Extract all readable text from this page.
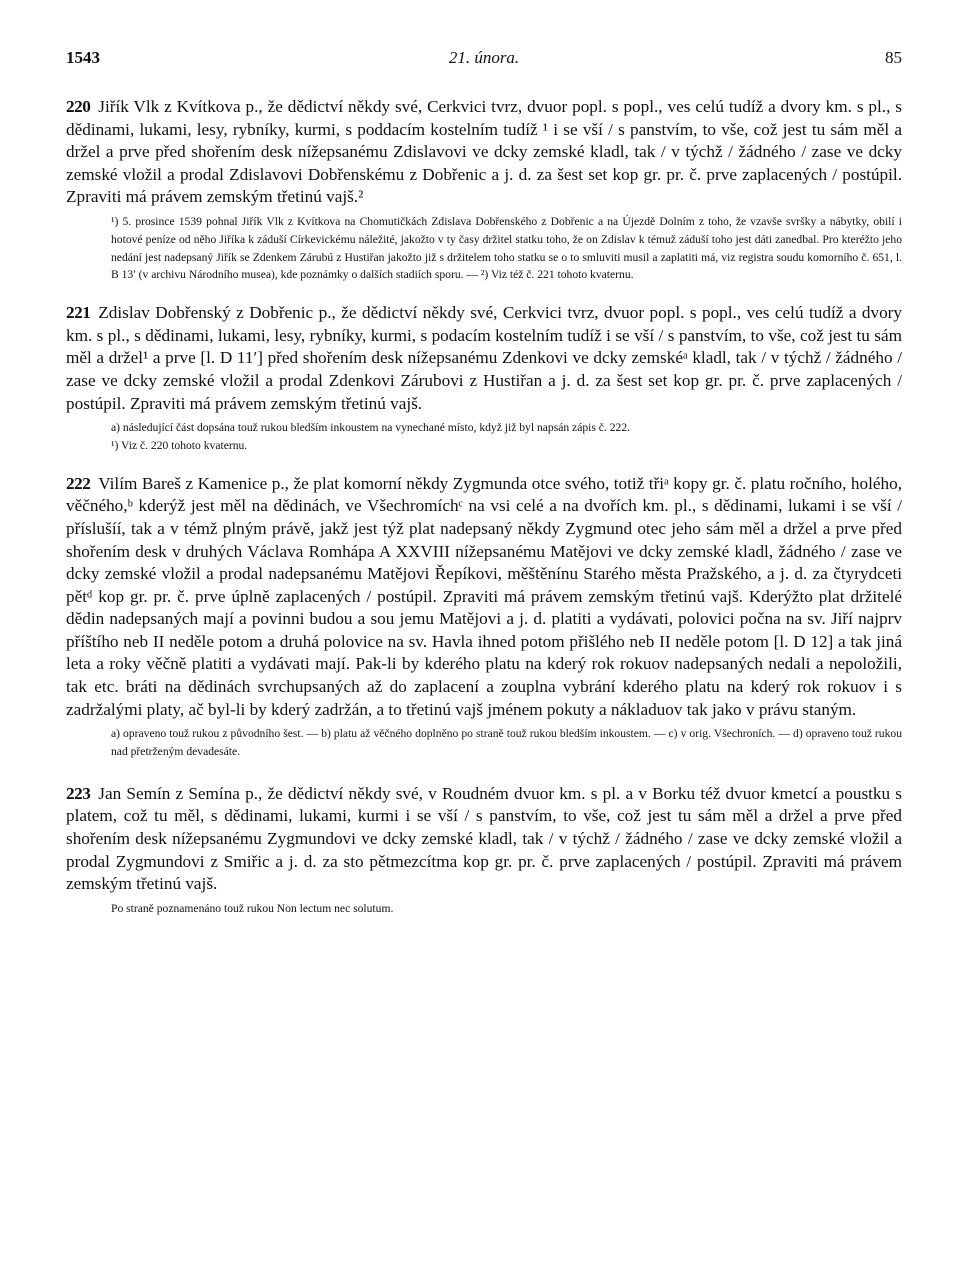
1543	21. února.	85

220 Jiřík Vlk z Kvítkova p., že dědictví někdy své, Cerkvici tvrz, dvuor popl. s popl., ves celú tudíž a dvory km. s pl., s dědinami, lukami, lesy, rybníky, kurmi, s poddacím kostelním tudíž ¹ i se vší / s panstvím, to vše, což jest tu sám měl a držel a prve před shořením desk nížepsanému Zdislavovi ve dcky zemské kladl, tak / v týchž / žádného / zase ve dcky zemské vložil a prodal Zdislavovi Dobřenskému z Dobřenic a j. d. za šest set kop gr. pr. č. prve zaplacených / postúpil. Zpraviti má právem zemským třetinú vajš.²

¹) 5. prosince 1539 pohnal Jiřík Vlk z Kvítkova na Chomutičkách Zdislava Dobřenského z Dobřenic a na Újezdě Dolním z toho, že vzavše svršky a nábytky, obilí i hotové peníze od něho Jiříka k záduší Církevickému náležité, jakožto v ty časy držitel statku toho, že on Zdislav k témuž záduší toho jest dáti zanedbal. Pro kteréžto jeho nedání jest nadepsaný Jiřík se Zdenkem Zárubú z Hustiřan jakožto již s držitelem toho statku se o to smluviti musil a zaplatiti má, viz registra soudu komorního č. 651, l. B 13′ (v archivu Národního musea), kde poznámky o dalších stadiích sporu. — ²) Viz též č. 221 tohoto kvaternu.

221 Zdislav Dobřenský z Dobřenic p., že dědictví někdy své, Cerkvici tvrz, dvuor popl. s popl., ves celú tudíž a dvory km. s pl., s dědinami, lukami, lesy, rybníky, kurmi, s podacím kostelním tudíž i se vší / s panstvím, to vše, což jest tu sám měl a držel¹ a prve [l. D 11′] před shořením desk nížepsanému Zdenkovi ve dcky zemskéᵃ kladl, tak / v týchž / žádného / zase ve dcky zemské vložil a prodal Zdenkovi Zárubovi z Hustiřan a j. d. za šest set kop gr. pr. č. prve zaplacených / postúpil. Zpraviti má právem zemským třetinú vajš.

a) následující část dopsána touž rukou bledším inkoustem na vynechané místo, když již byl napsán zápis č. 222.

¹) Viz č. 220 tohoto kvaternu.

222 Vilím Bareš z Kamenice p., že plat komorní někdy Zygmunda otce svého, totiž třiᵃ kopy gr. č. platu ročního, holého, věčného,ᵇ kderýž jest měl na dědinách, ve Všechromíchᶜ na vsi celé a na dvořích km. pl., s dědinami, lukami i se vší / příslušíí, tak a v témž plným právě, jakž jest týž plat nadepsaný někdy Zygmund otec jeho sám měl a držel a prve před shořením desk v druhých Václava Romhápa A XXVIII nížepsanému Matějovi ve dcky zemské kladl, žádného / zase ve dcky zemské vložil a prodal nadepsanému Matějovi Řepíkovi, měštěnínu Starého města Pražského, a j. d. za čtyrydceti pětᵈ kop gr. pr. č. prve úplně zaplacených / postúpil. Zpraviti má právem zemským třetinú vajš. Kderýžto plat držitelé dědin nadepsaných mají a povinni budou a sou jemu Matějovi a j. d. platiti a vydávati, polovici počna na sv. Jiří najprv příštího neb II neděle potom a druhá polovice na sv. Havla ihned potom přišlého neb II neděle potom [l. D 12] a tak jiná leta a roky věčně platiti a vydávati mají. Pak-li by kderého platu na kderý rok rokuov nadepsaných nedali a nepoložili, tak etc. bráti na dědinách svrchupsaných až do zaplacení a zouplna vybrání kderého platu na kderý rok rokuov i s zadržalými platy, ač byl-li by kderý zadržán, a to třetinú vajš jménem pokuty a nákladuov tak jako v právu staným.

a) opraveno touž rukou z původního šest. — b) platu až věčného doplněno po straně touž rukou bledším inkoustem. — c) v orig. Všechroních. — d) opraveno touž rukou nad přetrženým devadesáte.

223 Jan Semín z Semína p., že dědictví někdy své, v Roudném dvuor km. s pl. a v Borku též dvuor kmetcí a poustku s platem, což tu měl, s dědinami, lukami, kurmi i se vší / s panstvím, to vše, což jest tu sám měl a držel a prve před shořením desk nížepsanému Zygmundovi ve dcky zemské kladl, tak / v týchž / žádného / zase ve dcky zemské vložil a prodal Zygmundovi z Smiřic a j. d. za sto pětmezcítma kop gr. pr. č. prve zaplacených / postúpil. Zpraviti má právem zemským třetinú vajš.

Po straně poznamenáno touž rukou Non lectum nec solutum.
